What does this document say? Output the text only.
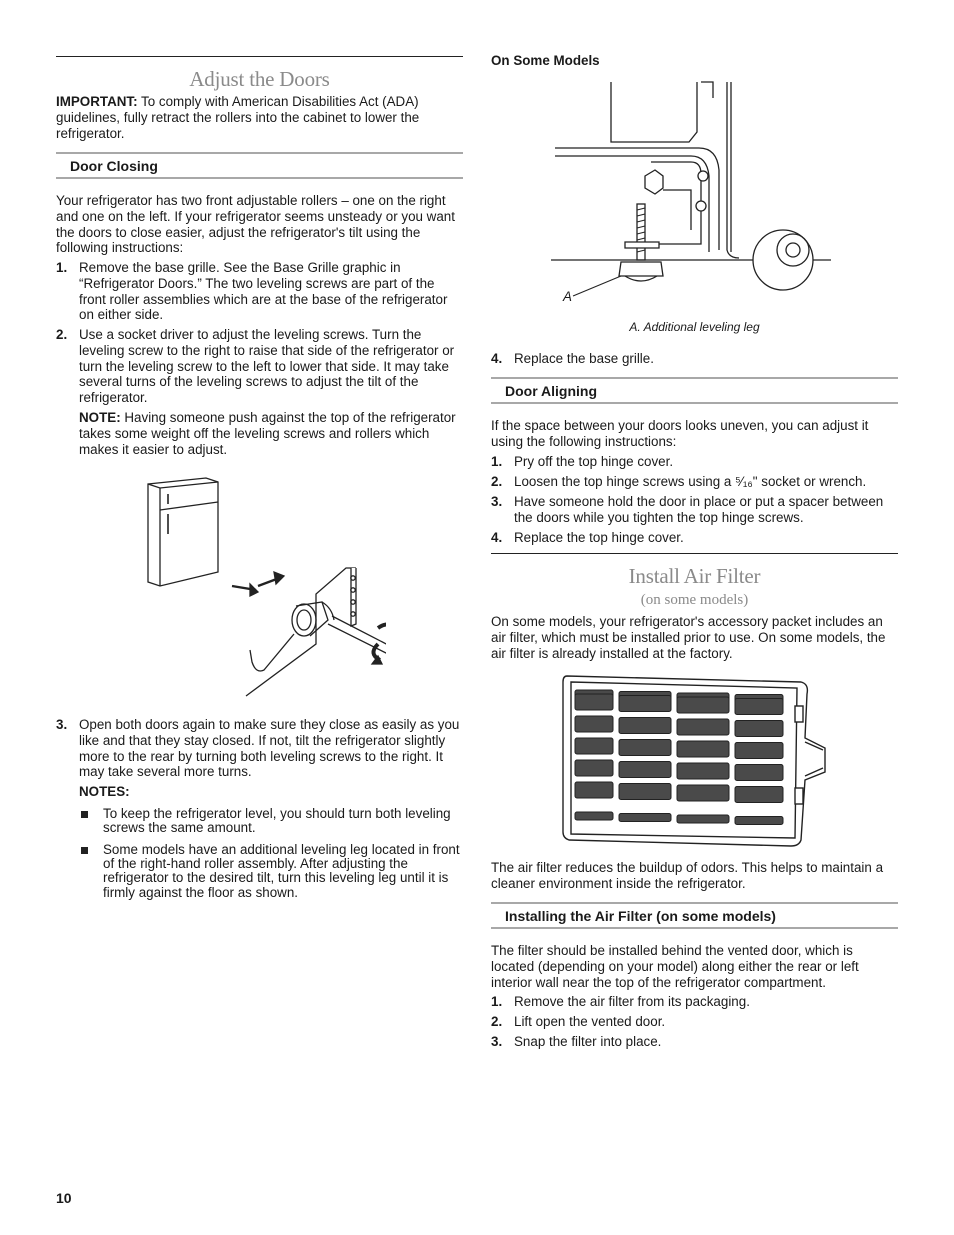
Adjust the Doors

IMPORTANT: To comply with American Disabilities Act (ADA) guidelines, fully retract the rollers into the cabinet to lower the refrigerator.

Door Closing

Your refrigerator has two front adjustable rollers – one on the right and one on the left. If your refrigerator seems unsteady or you want the doors to close easier, adjust the refrigerator's tilt using the following instructions:

1. Remove the base grille. See the Base Grille graphic in “Refrigerator Doors.” The two leveling screws are part of the front roller assemblies which are at the base of the refrigerator on either side.
2. Use a socket driver to adjust the leveling screws. Turn the leveling screw to the right to raise that side of the refrigerator or turn the leveling screw to the left to lower that side. It may take several turns of the leveling screws to adjust the tilt of the refrigerator.
NOTE: Having someone push against the top of the refrigerator takes some weight off the leveling screws and rollers which makes it easier to adjust.
3. Open both doors again to make sure they close as easily as you like and that they stay closed. If not, tilt the refrigerator slightly more to the rear by turning both leveling screws to the right. It may take several more turns.
NOTES:
To keep the refrigerator level, you should turn both leveling screws the same amount.
Some models have an additional leveling leg located in front of the right-hand roller assembly. After adjusting the refrigerator to the desired tilt, turn this leveling leg until it is firmly against the floor as shown.
On Some Models
A
A. Additional leveling leg
4. Replace the base grille.
Door Aligning

If the space between your doors looks uneven, you can adjust it using the following instructions:

1. Pry off the top hinge cover.
2. Loosen the top hinge screws using a ⁵⁄₁₆" socket or wrench.
3. Have someone hold the door in place or put a spacer between the doors while you tighten the top hinge screws.
4. Replace the top hinge cover.
Install Air Filter
(on some models)

On some models, your refrigerator's accessory packet includes an air filter, which must be installed prior to use. On some models, the air filter is already installed at the factory.

The air filter reduces the buildup of odors. This helps to maintain a cleaner environment inside the refrigerator.

Installing the Air Filter (on some models)

The filter should be installed behind the vented door, which is located (depending on your model) along either the rear or left interior wall near the top of the refrigerator compartment.

1. Remove the air filter from its packaging.
2. Lift open the vented door.
3. Snap the filter into place.
10
